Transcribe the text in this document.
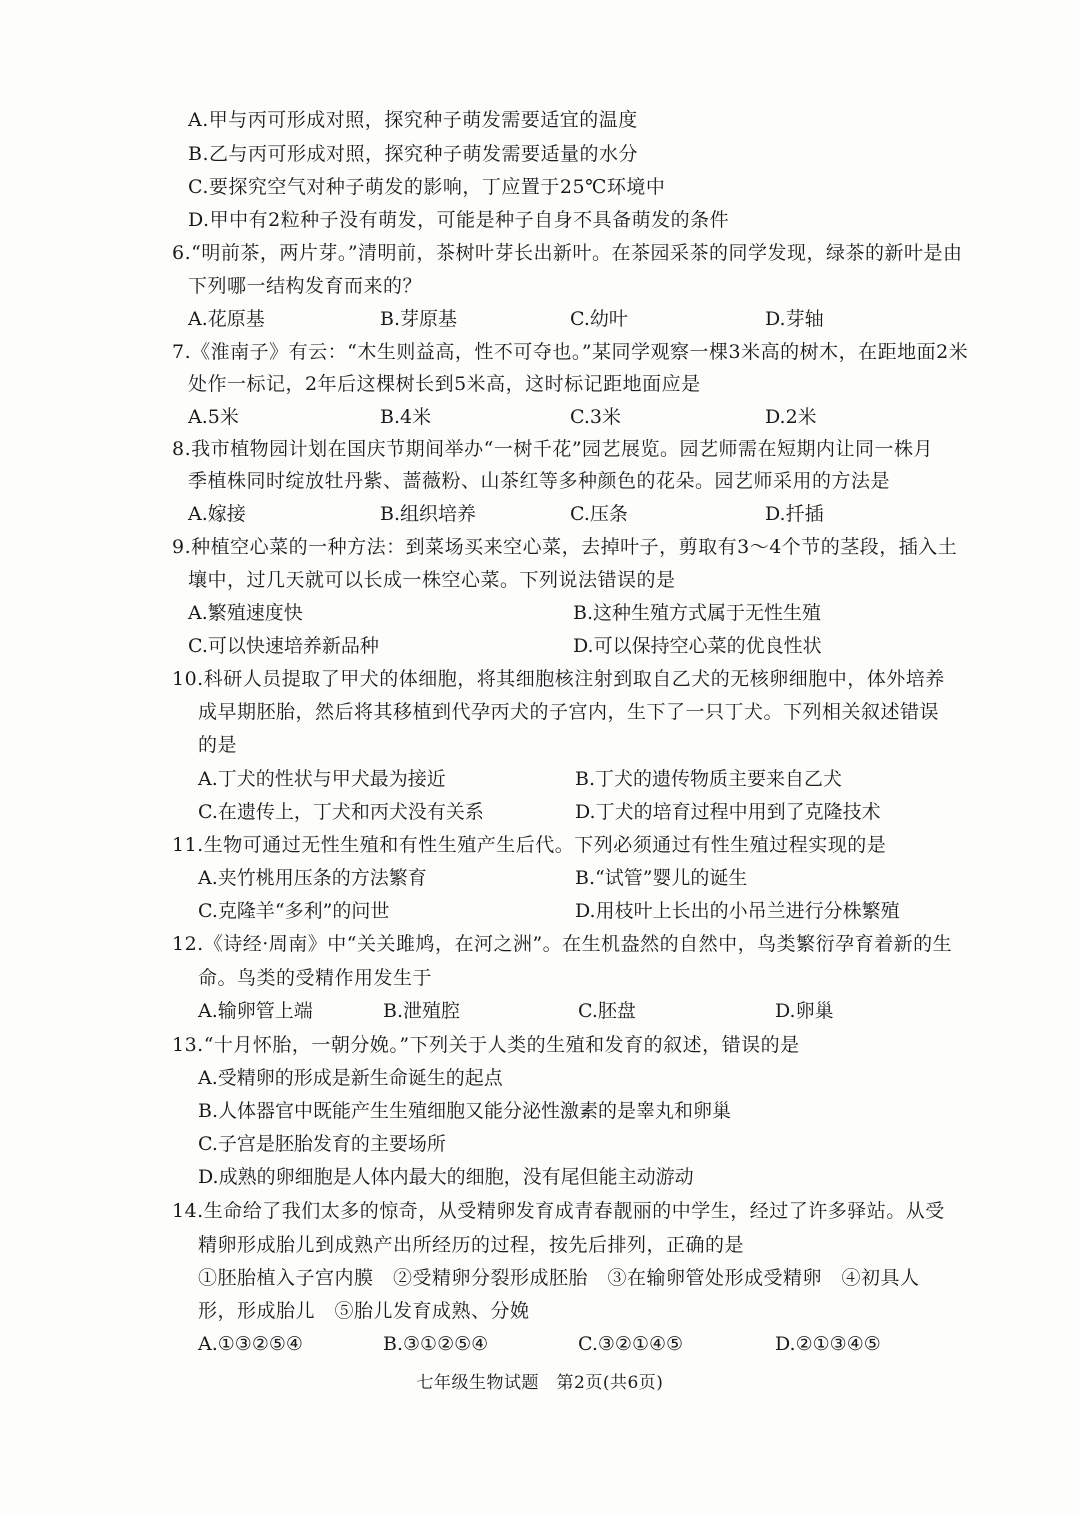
A.甲与丙可形成对照，探究种子萌发需要适宜的温度
B.乙与丙可形成对照，探究种子萌发需要适量的水分
C.要探究空气对种子萌发的影响，丁应置于25℃环境中
D.甲中有2粒种子没有萌发，可能是种子自身不具备萌发的条件
6.“明前茶，两片芽。”清明前，茶树叶芽长出新叶。在茶园采茶的同学发现，绿茶的新叶是由
下列哪一结构发育而来的？
A.花原基	B.芽原基	C.幼叶	D.芽轴
7.《淮南子》有云：“木生则益高，性不可夺也。”某同学观察一棵3米高的树木，在距地面2米
处作一标记，2年后这棵树长到5米高，这时标记距地面应是
A.5米	B.4米	C.3米	D.2米
8.我市植物园计划在国庆节期间举办“一树千花”园艺展览。园艺师需在短期内让同一株月
季植株同时绽放牡丹紫、蔷薇粉、山茶红等多种颜色的花朵。园艺师采用的方法是
A.嫁接	B.组织培养	C.压条	D.扦插
9.种植空心菜的一种方法：到菜场买来空心菜，去掉叶子，剪取有3～4个节的茎段，插入土
壤中，过几天就可以长成一株空心菜。下列说法错误的是
A.繁殖速度快	B.这种生殖方式属于无性生殖
C.可以快速培养新品种	D.可以保持空心菜的优良性状
10.科研人员提取了甲犬的体细胞，将其细胞核注射到取自乙犬的无核卵细胞中，体外培养
成早期胚胎，然后将其移植到代孕丙犬的子宫内，生下了一只丁犬。下列相关叙述错误
的是
A.丁犬的性状与甲犬最为接近	B.丁犬的遗传物质主要来自乙犬
C.在遗传上，丁犬和丙犬没有关系	D.丁犬的培育过程中用到了克隆技术
11.生物可通过无性生殖和有性生殖产生后代。下列必须通过有性生殖过程实现的是
A.夹竹桃用压条的方法繁育	B.“试管”婴儿的诞生
C.克隆羊“多利”的问世	D.用枝叶上长出的小吊兰进行分株繁殖
12.《诗经·周南》中“关关雎鸠，在河之洲”。在生机盎然的自然中，鸟类繁衍孕育着新的生
命。鸟类的受精作用发生于
A.输卵管上端	B.泄殖腔	C.胚盘	D.卵巢
13.“十月怀胎，一朝分娩。”下列关于人类的生殖和发育的叙述，错误的是
A.受精卵的形成是新生命诞生的起点
B.人体器官中既能产生生殖细胞又能分泌性激素的是睾丸和卵巢
C.子宫是胚胎发育的主要场所
D.成熟的卵细胞是人体内最大的细胞，没有尾但能主动游动
14.生命给了我们太多的惊奇，从受精卵发育成青春靓丽的中学生，经过了许多驿站。从受
精卵形成胎儿到成熟产出所经历的过程，按先后排列，正确的是
①胚胎植入子宫内膜　②受精卵分裂形成胚胎　③在输卵管处形成受精卵　④初具人
形，形成胎儿　⑤胎儿发育成熟、分娩
A.①③②⑤④	B.③①②⑤④	C.③②①④⑤	D.②①③④⑤
七年级生物试题　第2页(共6页)
